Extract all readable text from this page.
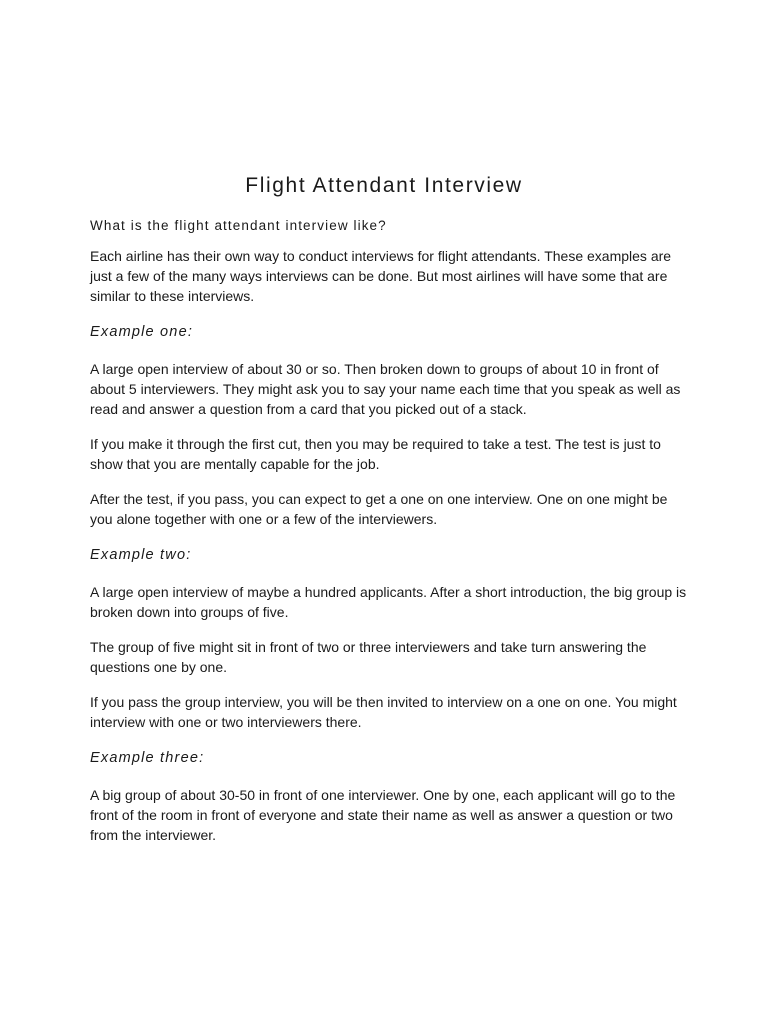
Flight Attendant Interview
What is the flight attendant interview like?

Each airline has their own way to conduct interviews for flight attendants. These examples are just a few of the many ways interviews can be done. But most airlines will have some that are similar to these interviews.

Example one:

A large open interview of about 30 or so. Then broken down to groups of about 10 in front of about 5 interviewers. They might ask you to say your name each time that you speak as well as read and answer a question from a card that you picked out of a stack.

If you make it through the first cut, then you may be required to take a test. The test is just to show that you are mentally capable for the job.

After the test, if you pass, you can expect to get a one on one interview. One on one might be you alone together with one or a few of the interviewers.

Example two:

A large open interview of maybe a hundred applicants. After a short introduction, the big group is broken down into groups of five.

The group of five might sit in front of two or three interviewers and take turn answering the questions one by one.

If you pass the group interview, you will be then invited to interview on a one on one. You might interview with one or two interviewers there.

Example three:

A big group of about 30-50 in front of one interviewer. One by one, each applicant will go to the front of the room in front of everyone and state their name as well as answer a question or two from the interviewer.
